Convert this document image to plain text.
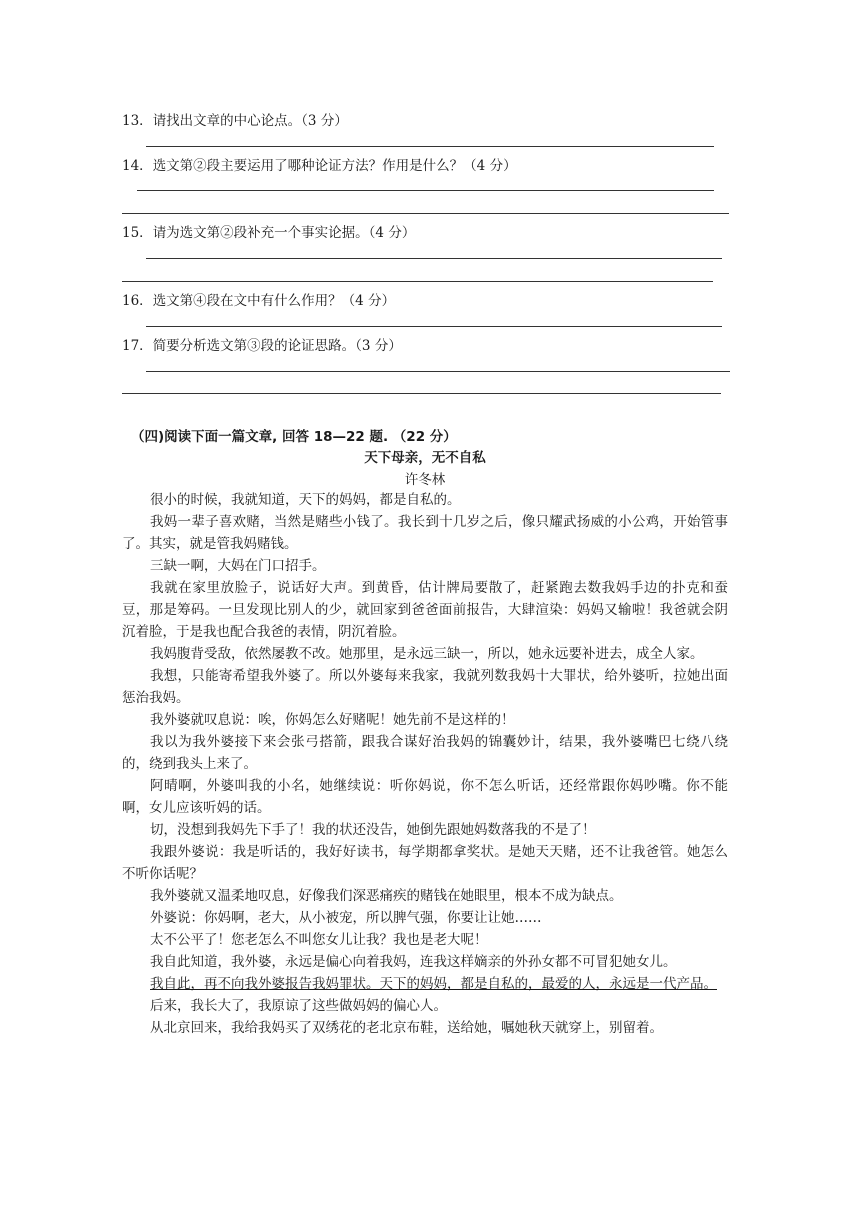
13．请找出文章的中心论点。（3 分）
14．选文第②段主要运用了哪种论证方法？作用是什么？（4 分）
15．请为选文第②段补充一个事实论据。（4 分）
16．选文第④段在文中有什么作用？（4 分）
17．简要分析选文第③段的论证思路。（3 分）
（四)阅读下面一篇文章, 回答 18—22 题. （22 分）
天下母亲，无不自私
许冬林
很小的时候，我就知道，天下的妈妈，都是自私的。
我妈一辈子喜欢赌，当然是赌些小钱了。我长到十几岁之后，像只耀武扬威的小公鸡，开始管事了。其实，就是管我妈赌钱。
三缺一啊，大妈在门口招手。
我就在家里放脸子，说话好大声。到黄昏，估计牌局要散了，赶紧跑去数我妈手边的扑克和蚕豆，那是筹码。一旦发现比别人的少，就回家到爸爸面前报告，大肆渲染：妈妈又输啦！我爸就会阴沉着脸，于是我也配合我爸的表情，阴沉着脸。
我妈腹背受敌，依然屡教不改。她那里，是永远三缺一，所以，她永远要补进去，成全人家。
我想，只能寄希望我外婆了。所以外婆每来我家，我就列数我妈十大罪状，给外婆听，拉她出面惩治我妈。
我外婆就叹息说：唉，你妈怎么好赌呢！她先前不是这样的！
我以为我外婆接下来会张弓搭箭，跟我合谋好治我妈的锦囊妙计，结果，我外婆嘴巴七绕八绕的，绕到我头上来了。
阿晴啊，外婆叫我的小名，她继续说：听你妈说，你不怎么听话，还经常跟你妈吵嘴。你不能啊，女儿应该听妈的话。
切，没想到我妈先下手了！我的状还没告，她倒先跟她妈数落我的不是了！
我跟外婆说：我是听话的，我好好读书，每学期都拿奖状。是她天天赌，还不让我爸管。她怎么不听你话呢？
我外婆就又温柔地叹息，好像我们深恶痛疾的赌钱在她眼里，根本不成为缺点。
外婆说：你妈啊，老大，从小被宠，所以脾气强，你要让让她……
太不公平了！您老怎么不叫您女儿让我？我也是老大呢！
我自此知道，我外婆，永远是偏心向着我妈，连我这样嫡亲的外孙女都不可冒犯她女儿。
我自此，再不向我外婆报告我妈罪状。天下的妈妈，都是自私的，最爱的人，永远是一代产品。
后来，我长大了，我原谅了这些做妈妈的偏心人。
从北京回来，我给我妈买了双绣花的老北京布鞋，送给她，嘱她秋天就穿上，别留着。
